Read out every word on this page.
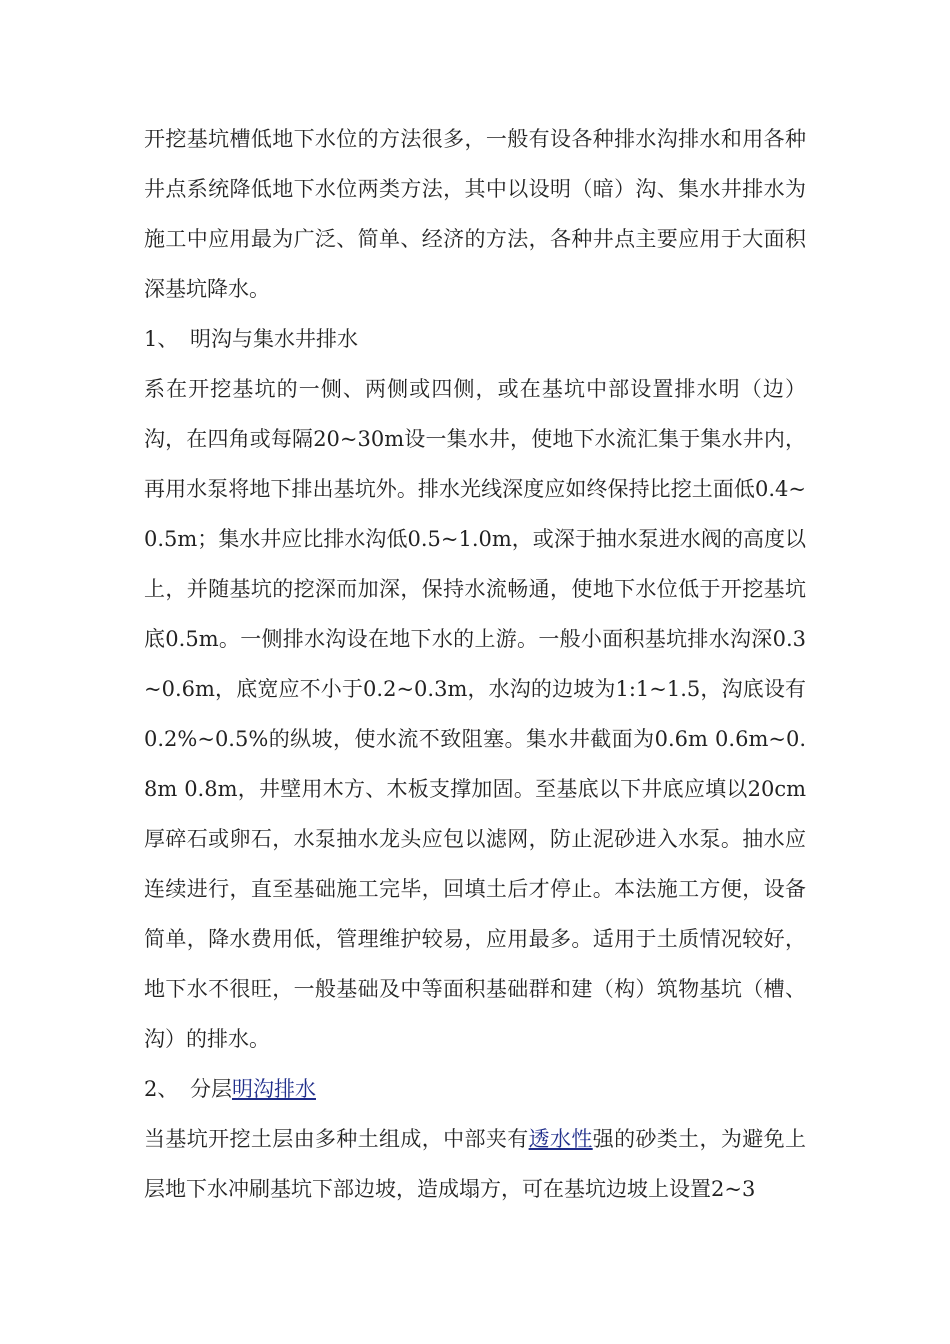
开挖基坑槽低地下水位的方法很多，一般有设各种排水沟排水和用各种井点系统降低地下水位两类方法，其中以设明（暗）沟、集水井排水为施工中应用最为广泛、简单、经济的方法，各种井点主要应用于大面积深基坑降水。

1、 明沟与集水井排水

系在开挖基坑的一侧、两侧或四侧，或在基坑中部设置排水明（边）沟，在四角或每隔20~30m设一集水井，使地下水流汇集于集水井内，再用水泵将地下排出基坑外。排水光线深度应如终保持比挖土面低0.4~0.5m；集水井应比排水沟低0.5~1.0m，或深于抽水泵进水阀的高度以上，并随基坑的挖深而加深，保持水流畅通，使地下水位低于开挖基坑底0.5m。一侧排水沟设在地下水的上游。一般小面积基坑排水沟深0.3~0.6m，底宽应不小于0.2~0.3m，水沟的边坡为1:1~1.5，沟底设有0.2%~0.5%的纵坡，使水流不致阻塞。集水井截面为0.6m 0.6m~0.8m 0.8m，井壁用木方、木板支撑加固。至基底以下井底应填以20cm 厚碎石或卵石，水泵抽水龙头应包以滤网，防止泥砂进入水泵。抽水应连续进行，直至基础施工完毕，回填土后才停止。本法施工方便，设备简单，降水费用低，管理维护较易，应用最多。适用于土质情况较好，地下水不很旺，一般基础及中等面积基础群和建（构）筑物基坑（槽、沟）的排水。

2、 分层明沟排水

当基坑开挖土层由多种土组成，中部夹有透水性强的砂类土，为避免上层地下水冲刷基坑下部边坡，造成塌方，可在基坑边坡上设置2~3
